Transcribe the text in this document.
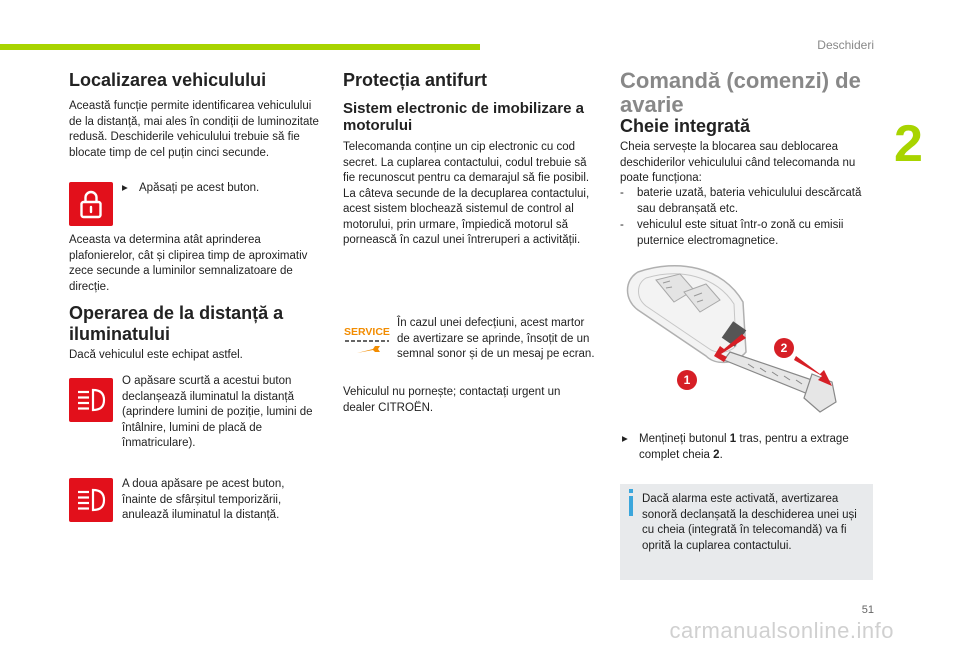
Deschideri
2
51
carmanualsonline.info
Localizarea vehiculului

Această funcție permite identificarea vehiculului de la distanță, mai ales în condiții de luminozitate redusă. Deschiderile vehiculului trebuie să fie blocate timp de cel puțin cinci secunde.

▸ Apăsați pe acest buton.

Aceasta va determina atât aprinderea plafonierelor, cât și clipirea timp de aproximativ zece secunde a luminilor semnalizatoare de direcție.

Operarea de la distanță a iluminatului

Dacă vehiculul este echipat astfel.

O apăsare scurtă a acestui buton declanșează iluminatul la distanță (aprindere lumini de poziție, lumini de întâlnire, lumini de placă de înmatriculare).

A doua apăsare pe acest buton, înainte de sfârșitul temporizării, anulează iluminatul la distanță.

Protecția antifurt
Sistem electronic de imobilizare a motorului

Telecomanda conține un cip electronic cu cod secret. La cuplarea contactului, codul trebuie să fie recunoscut pentru ca demarajul să fie posibil.
La câteva secunde de la decuplarea contactului, acest sistem blochează sistemul de control al motorului, prin urmare, împiedică motorul să pornească în cazul unei întreruperi a activității.

SERVICE

În cazul unei defecțiuni, acest martor de avertizare se aprinde, însoțit de un semnal sonor și de un mesaj pe ecran.

Vehiculul nu pornește; contactați urgent un dealer CITROËN.

Comandă (comenzi) de avarie
Cheie integrată

Cheia servește la blocarea sau deblocarea deschiderilor vehiculului când telecomanda nu poate funcționa:

- baterie uzată, bateria vehiculului descărcată sau debranșată etc.
- vehiculul este situat într-o zonă cu emisii puternice electromagnetice.
1
2
▸ Mențineți butonul 1 tras, pentru a extrage complet cheia 2.
Dacă alarma este activată, avertizarea sonoră declanșată la deschiderea unei uși cu cheia (integrată în telecomandă) va fi oprită la cuplarea contactului.
